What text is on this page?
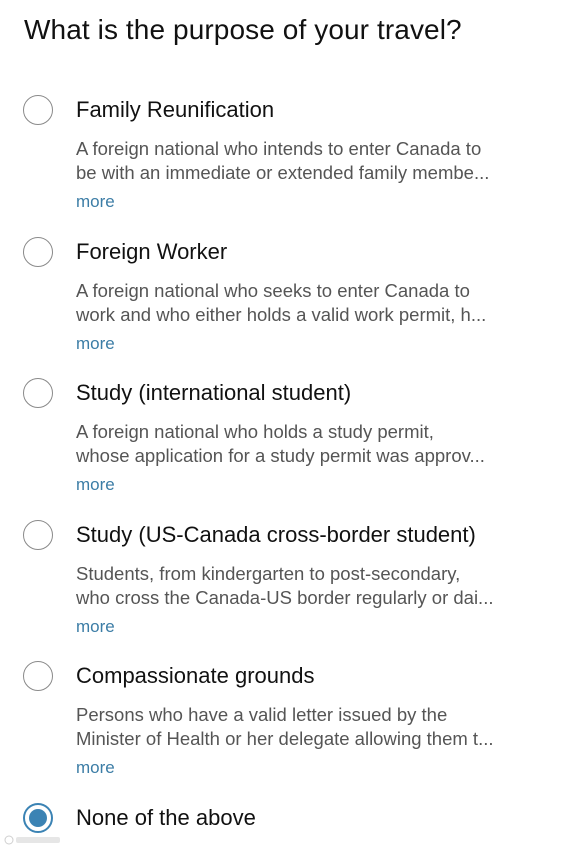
What is the purpose of your travel?
Family Reunification
A foreign national who intends to enter Canada to
be with an immediate or extended family membe...
more
Foreign Worker
A foreign national who seeks to enter Canada to
work and who either holds a valid work permit, h...
more
Study (international student)
A foreign national who holds a study permit,
whose application for a study permit was approv...
more
Study (US-Canada cross-border student)
Students, from kindergarten to post-secondary,
who cross the Canada-US border regularly or dai...
more
Compassionate grounds
Persons who have a valid letter issued by the
Minister of Health or her delegate allowing them t...
more
None of the above
